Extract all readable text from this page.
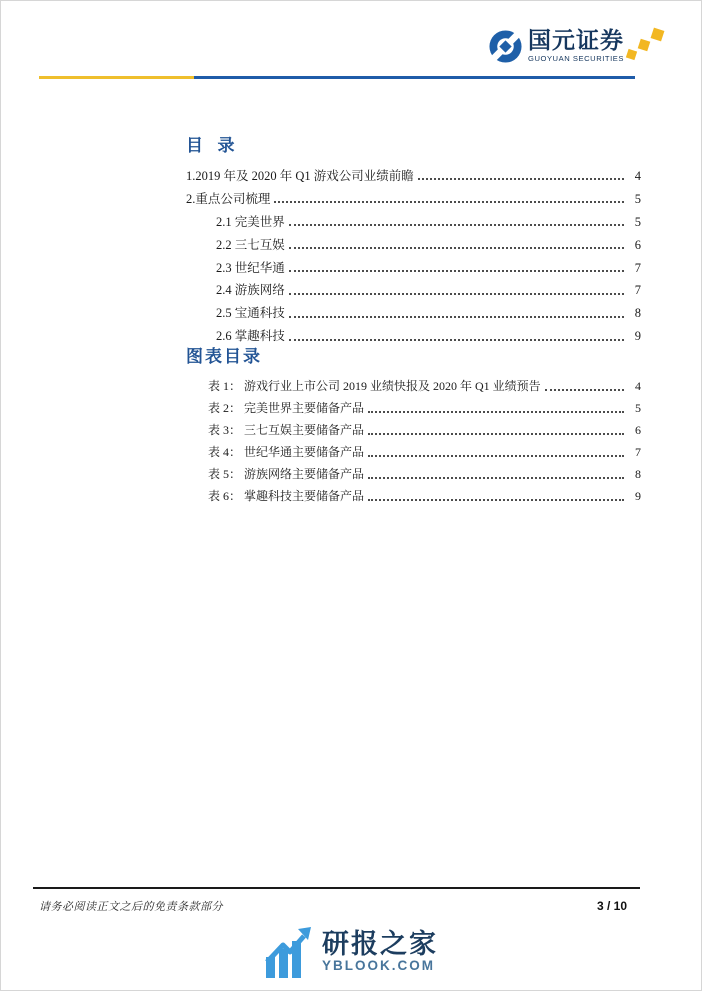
国元证券
GUOYUAN SECURITIES
目  录
1.2019 年及 2020 年 Q1 游戏公司业绩前瞻	4
2.重点公司梳理	5
2.1 完美世界	5
2.2 三七互娱	6
2.3 世纪华通	7
2.4 游族网络	7
2.5 宝通科技	8
2.6 掌趣科技	9
图表目录
表 1： 游戏行业上市公司 2019 业绩快报及 2020 年 Q1 业绩预告	4
表 2： 完美世界主要储备产品	5
表 3： 三七互娱主要储备产品	6
表 4： 世纪华通主要储备产品	7
表 5： 游族网络主要储备产品	8
表 6： 掌趣科技主要储备产品	9
请务必阅读正文之后的免责条款部分	3 / 10
研报之家
YBLOOK.COM
